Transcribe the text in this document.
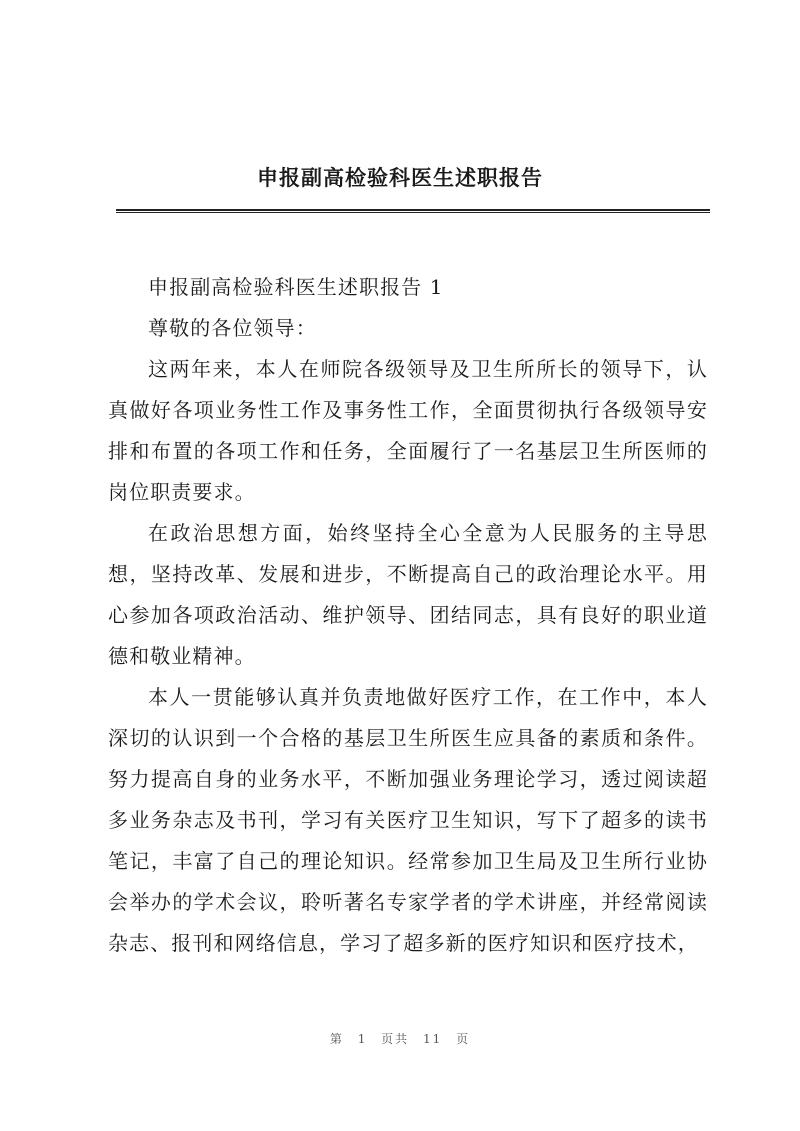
申报副高检验科医生述职报告

申报副高检验科医生述职报告 1

尊敬的各位领导：

这两年来，本人在师院各级领导及卫生所所长的领导下，认真做好各项业务性工作及事务性工作，全面贯彻执行各级领导安排和布置的各项工作和任务，全面履行了一名基层卫生所医师的岗位职责要求。

在政治思想方面，始终坚持全心全意为人民服务的主导思想，坚持改革、发展和进步，不断提高自己的政治理论水平。用心参加各项政治活动、维护领导、团结同志，具有良好的职业道德和敬业精神。

本人一贯能够认真并负责地做好医疗工作，在工作中，本人深切的认识到一个合格的基层卫生所医生应具备的素质和条件。努力提高自身的业务水平，不断加强业务理论学习，透过阅读超多业务杂志及书刊，学习有关医疗卫生知识，写下了超多的读书笔记，丰富了自己的理论知识。经常参加卫生局及卫生所行业协会举办的学术会议，聆听著名专家学者的学术讲座，并经常阅读杂志、报刊和网络信息，学习了超多新的医疗知识和医疗技术，

第 1 页共 11 页
